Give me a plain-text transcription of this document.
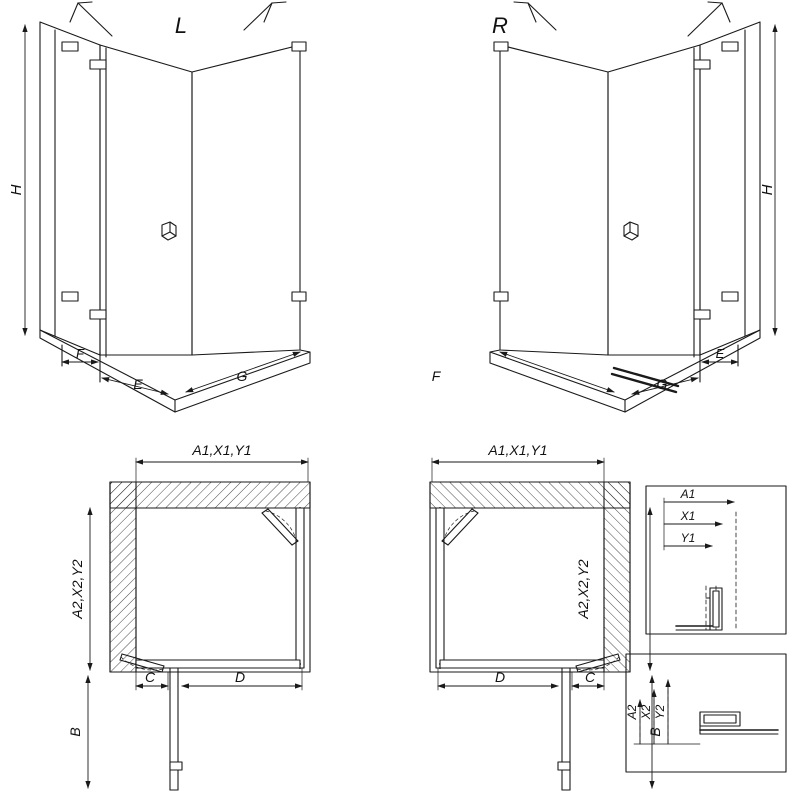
L
H
F
E	G
R
H
E
G
F
A1,X1,Y1
A2,X2,Y2
C	D
B
A1,X1,Y1
A2,X2,Y2
C
D
B
A1
X1
Y1
A2 X2 Y2
